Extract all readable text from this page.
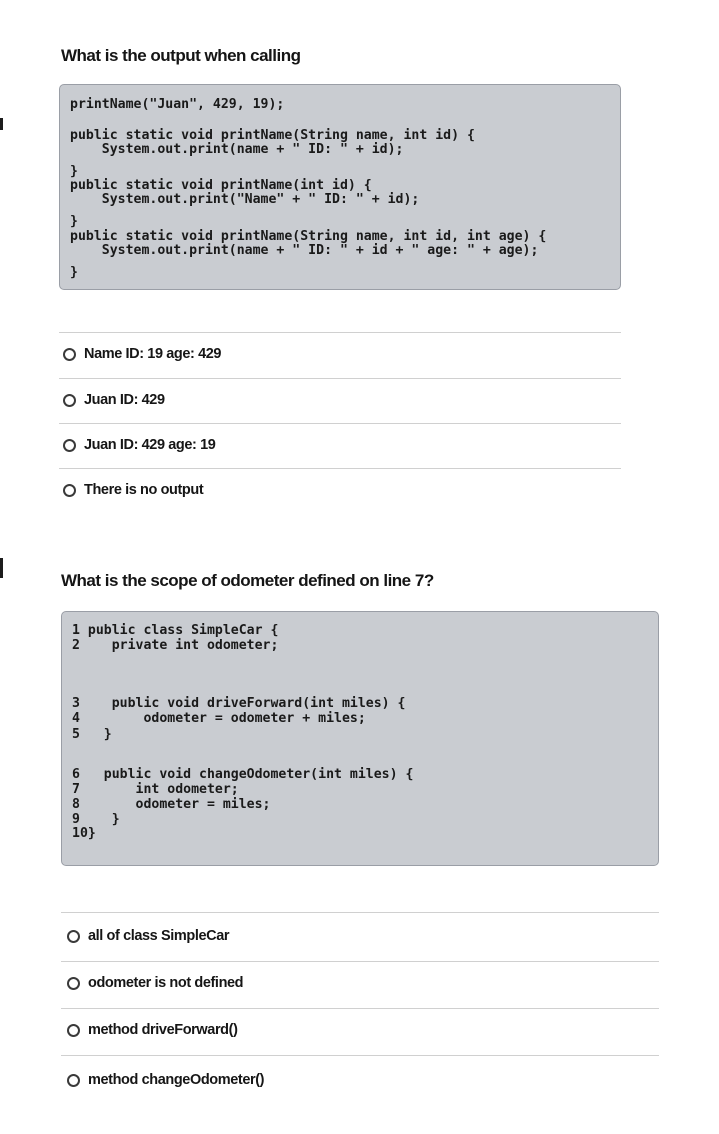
What is the output when calling
printName("Juan", 429, 19);
public static void printName(String name, int id) {
System.out.print(name + " ID: " + id);
}
public static void printName(int id) {
System.out.print("Name" + " ID: " + id);
}
public static void printName(String name, int id, int age) {
System.out.print(name + " ID: " + id + " age: " + age);
}
Name ID: 19 age: 429
Juan ID: 429
Juan ID: 429 age: 19
There is no output
What is the scope of odometer defined on line 7?
1 public class SimpleCar {
2    private int odometer;
3    public void driveForward(int miles) {
4        odometer = odometer + miles;
5   }
6   public void changeOdometer(int miles) {
7       int odometer;
8       odometer = miles;
9    }
10}
all of class SimpleCar
odometer is not defined
method driveForward()
method changeOdometer()
